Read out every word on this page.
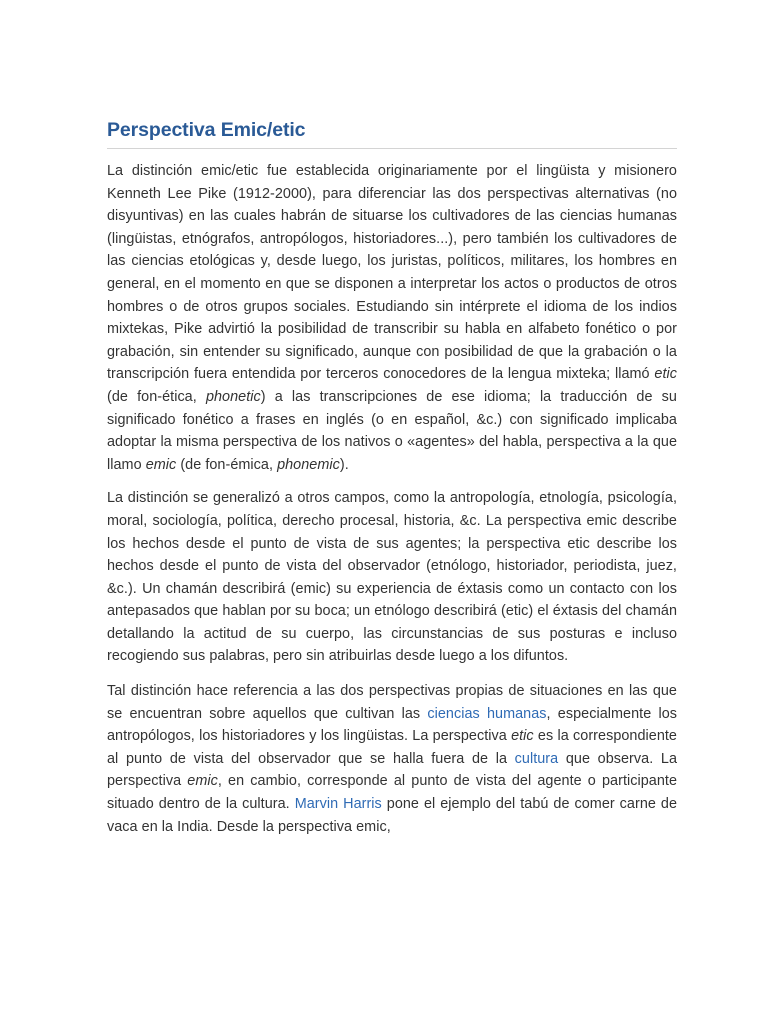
Perspectiva Emic/etic

La distinción emic/etic fue establecida originariamente por el lingüista y misionero Kenneth Lee Pike (1912-2000), para diferenciar las dos perspectivas alternativas (no disyuntivas) en las cuales habrán de situarse los cultivadores de las ciencias humanas (lingüistas, etnógrafos, antropólogos, historiadores...), pero también los cultivadores de las ciencias etológicas y, desde luego, los juristas, políticos, militares, los hombres en general, en el momento en que se disponen a interpretar los actos o productos de otros hombres o de otros grupos sociales. Estudiando sin intérprete el idioma de los indios mixtekas, Pike advirtió la posibilidad de transcribir su habla en alfabeto fonético o por grabación, sin entender su significado, aunque con posibilidad de que la grabación o la transcripción fuera entendida por terceros conocedores de la lengua mixteka; llamó etic (de fon-ética, phonetic) a las transcripciones de ese idioma; la traducción de su significado fonético a frases en inglés (o en español, &c.) con significado implicaba adoptar la misma perspectiva de los nativos o «agentes» del habla, perspectiva a la que llamo emic (de fon-émica, phonemic).

La distinción se generalizó a otros campos, como la antropología, etnología, psicología, moral, sociología, política, derecho procesal, historia, &c. La perspectiva emic describe los hechos desde el punto de vista de sus agentes; la perspectiva etic describe los hechos desde el punto de vista del observador (etnólogo, historiador, periodista, juez, &c.). Un chamán describirá (emic) su experiencia de éxtasis como un contacto con los antepasados que hablan por su boca; un etnólogo describirá (etic) el éxtasis del chamán detallando la actitud de su cuerpo, las circunstancias de sus posturas e incluso recogiendo sus palabras, pero sin atribuirlas desde luego a los difuntos.

Tal distinción hace referencia a las dos perspectivas propias de situaciones en las que se encuentran sobre aquellos que cultivan las ciencias humanas, especialmente los antropólogos, los historiadores y los lingüistas. La perspectiva etic es la correspondiente al punto de vista del observador que se halla fuera de la cultura que observa. La perspectiva emic, en cambio, corresponde al punto de vista del agente o participante situado dentro de la cultura. Marvin Harris pone el ejemplo del tabú de comer carne de vaca en la India. Desde la perspectiva emic,
